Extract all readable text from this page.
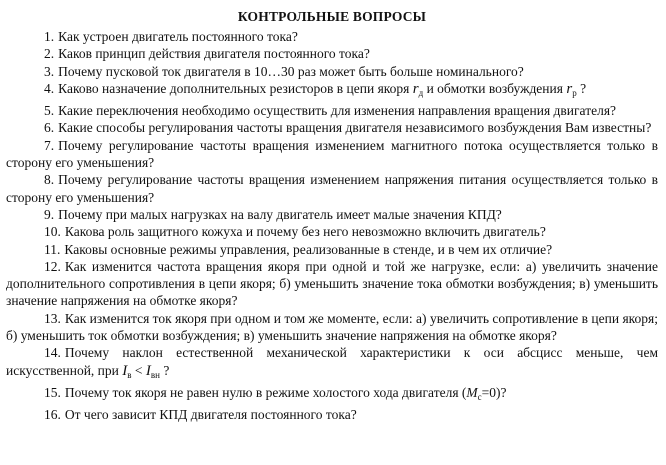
КОНТРОЛЬНЫЕ ВОПРОСЫ

1. Как устроен двигатель постоянного тока?

2. Каков принцип действия двигателя постоянного тока?

3. Почему пусковой ток двигателя в 10…30 раз может быть больше номинального?

4. Каково назначение дополнительных резисторов в цепи якоря $r_д$ и обмотки возбуждения $r_р$ ?

5. Какие переключения необходимо осуществить для изменения направления вращения двигателя?

6. Какие способы регулирования частоты вращения двигателя независимого возбуждения Вам известны?

7. Почему регулирование частоты вращения изменением магнитного потока осуществляется только в сторону его уменьшения?

8. Почему регулирование частоты вращения изменением напряжения питания осуществляется только в сторону его уменьшения?

9. Почему при малых нагрузках на валу двигатель имеет малые значения КПД?

10. Какова роль защитного кожуха и почему без него невозможно включить двигатель?

11. Каковы основные режимы управления, реализованные в стенде, и в чем их отличие?

12. Как изменится частота вращения якоря при одной и той же нагрузке, если: а) увеличить значение дополнительного сопротивления в цепи якоря; б) уменьшить значение тока обмотки возбуждения; в) уменьшить значение напряжения на обмотке якоря?

13. Как изменится ток якоря при одном и том же моменте, если: а) увеличить сопротивление в цепи якоря; б) уменьшить ток обмотки возбуждения; в) уменьшить значение напряжения на обмотке якоря?

14. Почему наклон естественной механической характеристики к оси абсцисс меньше, чем искусственной, при $I_в < I_{вн}$ ?

15. Почему ток якоря не равен нулю в режиме холостого хода двигателя $(M_c=0)$?

16. От чего зависит КПД двигателя постоянного тока?
